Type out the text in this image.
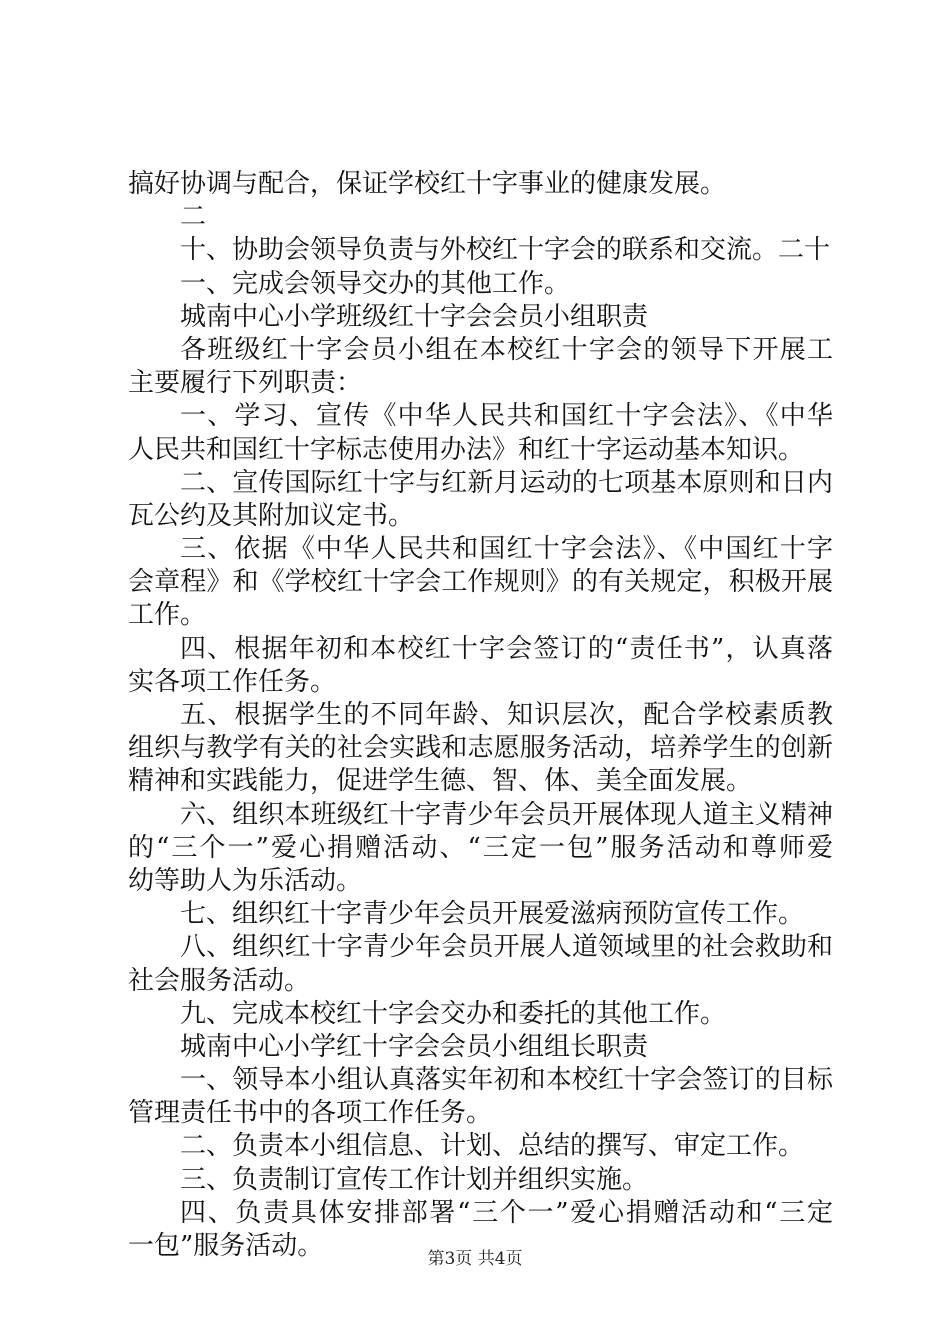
搞好协调与配合，保证学校红十字事业的健康发展。
二
十、协助会领导负责与外校红十字会的联系和交流。二十
一、完成会领导交办的其他工作。
城南中心小学班级红十字会会员小组职责
各班级红十字会员小组在本校红十字会的领导下开展工
主要履行下列职责：
一、学习、宣传《中华人民共和国红十字会法》、《中华
人民共和国红十字标志使用办法》和红十字运动基本知识。
二、宣传国际红十字与红新月运动的七项基本原则和日内
瓦公约及其附加议定书。
三、依据《中华人民共和国红十字会法》、《中国红十字
会章程》和《学校红十字会工作规则》的有关规定，积极开展
工作。
四、根据年初和本校红十字会签订的“责任书”，认真落
实各项工作任务。
五、根据学生的不同年龄、知识层次，配合学校素质教
组织与教学有关的社会实践和志愿服务活动，培养学生的创新
精神和实践能力，促进学生德、智、体、美全面发展。
六、组织本班级红十字青少年会员开展体现人道主义精神
的“三个一”爱心捐赠活动、“三定一包”服务活动和尊师爱
幼等助人为乐活动。
七、组织红十字青少年会员开展爱滋病预防宣传工作。
八、组织红十字青少年会员开展人道领域里的社会救助和
社会服务活动。
九、完成本校红十字会交办和委托的其他工作。
城南中心小学红十字会会员小组组长职责
一、领导本小组认真落实年初和本校红十字会签订的目标
管理责任书中的各项工作任务。
二、负责本小组信息、计划、总结的撰写、审定工作。
三、负责制订宣传工作计划并组织实施。
四、负责具体安排部署“三个一”爱心捐赠活动和“三定
一包”服务活动。	第3页 共4页
